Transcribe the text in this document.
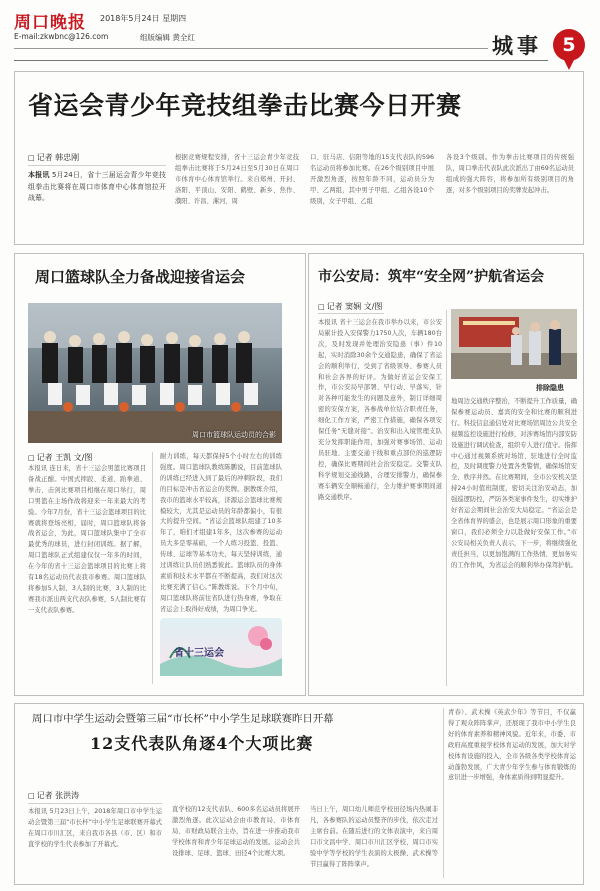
周口晚报 2018年5月24日 星期四
E-mail:zkwbnc@126.com	组版编辑 黄全红	城事	5
省运会青少年竞技组拳击比赛今日开赛
□ 记者 韩忠刚
本报讯 5月24日，省十三届运会青少年竞技组拳击比赛将在周口市体育中心体育馆拉开战幕。
根据竞赛规程安排，省十三运会青少年竞技组拳击比赛将于5月24日至5月30日在周口市体育中心体育馆举行。来自郑州、开封、洛阳、平顶山、安阳、鹤壁、新乡、焦作、濮阳、许昌、漯河、周
口、驻马店、信阳等地的15支代表队的596名运动员将参加比赛。在26个级别项目中展开激烈角逐，按照年龄不同，运动员分为甲、乙两组，其中男子甲组、乙组各设10个级别，女子甲组、乙组
各设3个级别。作为拳击比赛项目的传统强队，周口拳击代表队此次派出了由69名运动员组成的强大阵容，将参加所有级别项目的角逐，对多个级别项目的奖牌发起冲击。
周口篮球队全力备战迎接省运会
周口市篮球队运动员的合影
□ 记者 王凯 文/图
本报讯 连日来，省十三运会男篮比赛项目备战正酣。中国式摔跤、柔道、跆拳道、拳击、击剑比赛项目相继在周口举行，周口男篮在主场作战将迎来一年来最大的考验。今年7月份，省十三运会篮球项目的比赛就将登场亮相，届时，周口篮球队将备战省运会，为此，周口篮球队集中了全市最优秀的球员，进行封闭训练。据了解，周口篮球队正式组建仅仅一年多的时间，在今年的省十三运会篮球项目的比赛上将有18名运动员代表我市参赛。周口篮球队将参加5人制、3人制的比赛，3人制的比赛我市派出两支代表队参赛，5人制比赛有一支代表队参赛。
耐力训练，每天都保持5个小时左右的训练强度。周口篮球队教练陈鹏说，目前篮球队的训练已经进入到了最后的冲刺阶段，我们的目标是冲击省运会的奖牌。据教练介绍，我市的篮球水平较高，济源运会篮球比赛规模较大，尤其是运动员的年龄都偏小，有很大的提升空间。“省运会篮球队组建了10多年了，咱们才组建1年多，这次参赛的运动员大多是零基础，一个人练习投篮、投篮、传球、运球等基本功夫，每天坚持训练，通过训练让队员们熟悉彼此。篮球队员的身体素质和技术水平都在不断提高，我们对这次比赛充满了信心。”陈教练说。下个月中旬，周口篮球队将前往省队进行热身赛，争取在省运会上取得好成绩，为周口争光。
省十三运会
市公安局：筑牢“安全网”护航省运会
□ 记者 窦娴 文/图
本报讯 省十三运会在我市举办以来，市公安局累计投入安保警力1750人次，车辆180台次，及时发现并处理治安隐患（事）件10起，实时消除30余个交通隐患，确保了省运会的顺利举行，受到了省级领导、参赛人员和社会各界的好评。为做好省运会安保工作，市公安局早部署、早行动、早落实，针对各种可能发生的问题及意外，制订详细周密的安保方案，各参战单位结合职责任务，细化工作方案，严密工作措施，确保各项安保任务“无缝对接”。治安和出入境管理支队充分发挥职能作用，加强对赛事场馆、运动员驻地、主要交通干线和重点部位的巡逻防控，确保比赛期间社会治安稳定。交警支队科学规划交通线路，合理安排警力，确保参赛车辆安全顺畅通行，全力维护赛事期间道路交通秩序。
排除隐患
地周边交通秩序整治，不断提升工作质量，确保参赛运动员、嘉宾的安全和比赛的顺利进行。科技信息通信处对比赛场馆周边公共安全视频监控设施进行检修，对涉赛场馆内部安防设施进行调试检查，组织专人进行值守。指挥中心通过视频系统对场馆、驻地进行全时监控，及时调度警力处置各类警情，确保场馆安全、秩序井然。在比赛期间，全市公安机关坚持24小时值班制度，密切关注治安动态，加强巡逻防控，严防各类案事件发生，切实维护好省运会期间社会治安大局稳定。“省运会是全省体育界的盛会，也是展示周口形象的重要窗口，我们必须全力以赴做好安保工作。”市公安局相关负责人表示，下一步，将继续强化责任担当，以更加饱满的工作热情、更加务实的工作作风，为省运会的顺利举办保驾护航。
周口市中学生运动会暨第三届“市长杯”中小学生足球联赛昨日开幕
12支代表队角逐4个大项比赛
□ 记者 张洪涛
本报讯 5月23日上午，2018年周口市中学生运动会暨第三届“市长杯”中小学生足球联赛开幕式在周口市川汇区，来自我市各县（市、区）和市直学校的学生代表参加了开幕式。
直学校的12支代表队、600多名运动员将展开激烈角逐。此次运动会由市教育局、市体育局、市财政局联合主办，旨在进一步推动我市学校体育和青少年足球运动的发展。运动会共设排球、足球、篮球、田径4个比赛大项。
当日上午，周口幼儿师范学校田径场内热闹非凡，各参赛队的运动员整齐的步伐，依次走过主席台前。在随后进行的文体表演中，来自周口市文昌中学、周口市川汇区学校、周口市实验中学等学校的学生表演的太极操、武术操等节目赢得了阵阵掌声。
青春）、武术操《英武少年》等节目，不仅赢得了观众阵阵掌声，还展现了我市中小学生良好的体育素养和精神风貌。近年来，市委、市政府高度重视学校体育运动的发展，加大对学校体育设施的投入，全市各级各类学校体育运动蓬勃发展，广大青少年学生参与体育锻炼的意识进一步增强，身体素质得到明显提升。
